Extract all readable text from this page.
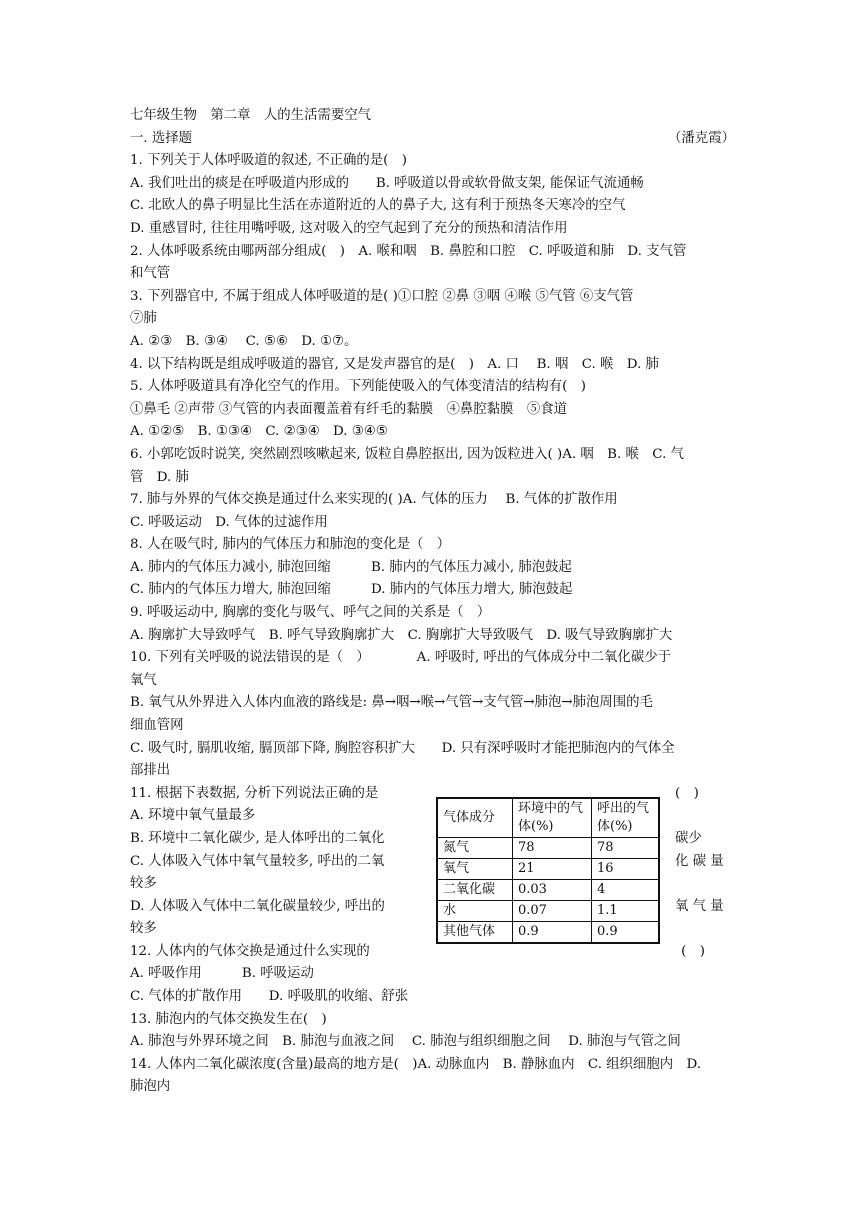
七年级生物　第二章　人的生活需要空气
一. 选择题	（潘克霞）
1. 下列关于人体呼吸道的叙述, 不正确的是(　)
A. 我们吐出的痰是在呼吸道内形成的　　B. 呼吸道以骨或软骨做支架, 能保证气流通畅
C. 北欧人的鼻子明显比生活在赤道附近的人的鼻子大, 这有利于预热冬天寒冷的空气
D. 重感冒时, 往往用嘴呼吸, 这对吸入的空气起到了充分的预热和清洁作用
2. 人体呼吸系统由哪两部分组成(　)　A. 喉和咽　B. 鼻腔和口腔　C. 呼吸道和肺　D. 支气管
和气管
3. 下列器官中, 不属于组成人体呼吸道的是( )①口腔 ②鼻 ③咽 ④喉 ⑤气管 ⑥支气管
⑦肺
A. ②③　B. ③④　 C. ⑤⑥　D. ①⑦。
4. 以下结构既是组成呼吸道的器官, 又是发声器官的是(　)　A. 口　 B. 咽　C. 喉　D. 肺
5. 人体呼吸道具有净化空气的作用。下列能使吸入的气体变清洁的结构有(　)
①鼻毛 ②声带 ③气管的内表面覆盖着有纤毛的黏膜　④鼻腔黏膜　⑤食道
A. ①②⑤　B. ①③④　C. ②③④　D. ③④⑤
6. 小郭吃饭时说笑, 突然剧烈咳嗽起来, 饭粒自鼻腔抠出, 因为饭粒进入( )A. 咽　B. 喉　C. 气
管　D. 肺
7. 肺与外界的气体交换是通过什么来实现的( )A. 气体的压力　 B. 气体的扩散作用
C. 呼吸运动　D. 气体的过滤作用
8. 人在吸气时, 肺内的气体压力和肺泡的变化是（　）
A. 肺内的气体压力减小, 肺泡回缩　　　B. 肺内的气体压力减小, 肺泡鼓起
C. 肺内的气体压力增大, 肺泡回缩　　　D. 肺内的气体压力增大, 肺泡鼓起
9. 呼吸运动中, 胸廓的变化与吸气、呼气之间的关系是（　）
A. 胸廓扩大导致呼气　B. 呼气导致胸廓扩大　C. 胸廓扩大导致吸气　D. 吸气导致胸廓扩大
10. 下列有关呼吸的说法错误的是（　）　　　　A. 呼吸时, 呼出的气体成分中二氧化碳少于
氧气
B. 氧气从外界进入人体内血液的路线是: 鼻→咽→喉→气管→支气管→肺泡→肺泡周围的毛
细血管网
C. 吸气时, 膈肌收缩, 膈顶部下降, 胸腔容积扩大　　D. 只有深呼吸时才能把肺泡内的气体全
部排出
11. 根据下表数据, 分析下列说法正确的是
A. 环境中氧气量最多
B. 环境中二氧化碳少, 是人体呼出的二氧化
C. 人体吸入气体中氧气量较多, 呼出的二氧
较多
D. 人体吸入气体中二氧化碳量较少, 呼出的
较多
(　)
碳少
化 碳 量
氧 气 量
气体成分	环境中的气体(%)	呼出的气体(%)
氮气	78	78
氧气	21	16
二氧化碳	0.03	4
水	0.07	1.1
其他气体	0.9	0.9
12. 人体内的气体交换是通过什么实现的	(　)
A. 呼吸作用　　　B. 呼吸运动
C. 气体的扩散作用　　D. 呼吸肌的收缩、舒张
13. 肺泡内的气体交换发生在(　)
A. 肺泡与外界环境之间　B. 肺泡与血液之间　 C. 肺泡与组织细胞之间　 D. 肺泡与气管之间
14. 人体内二氧化碳浓度(含量)最高的地方是(　)A. 动脉血内　B. 静脉血内　C. 组织细胞内　D.
肺泡内
